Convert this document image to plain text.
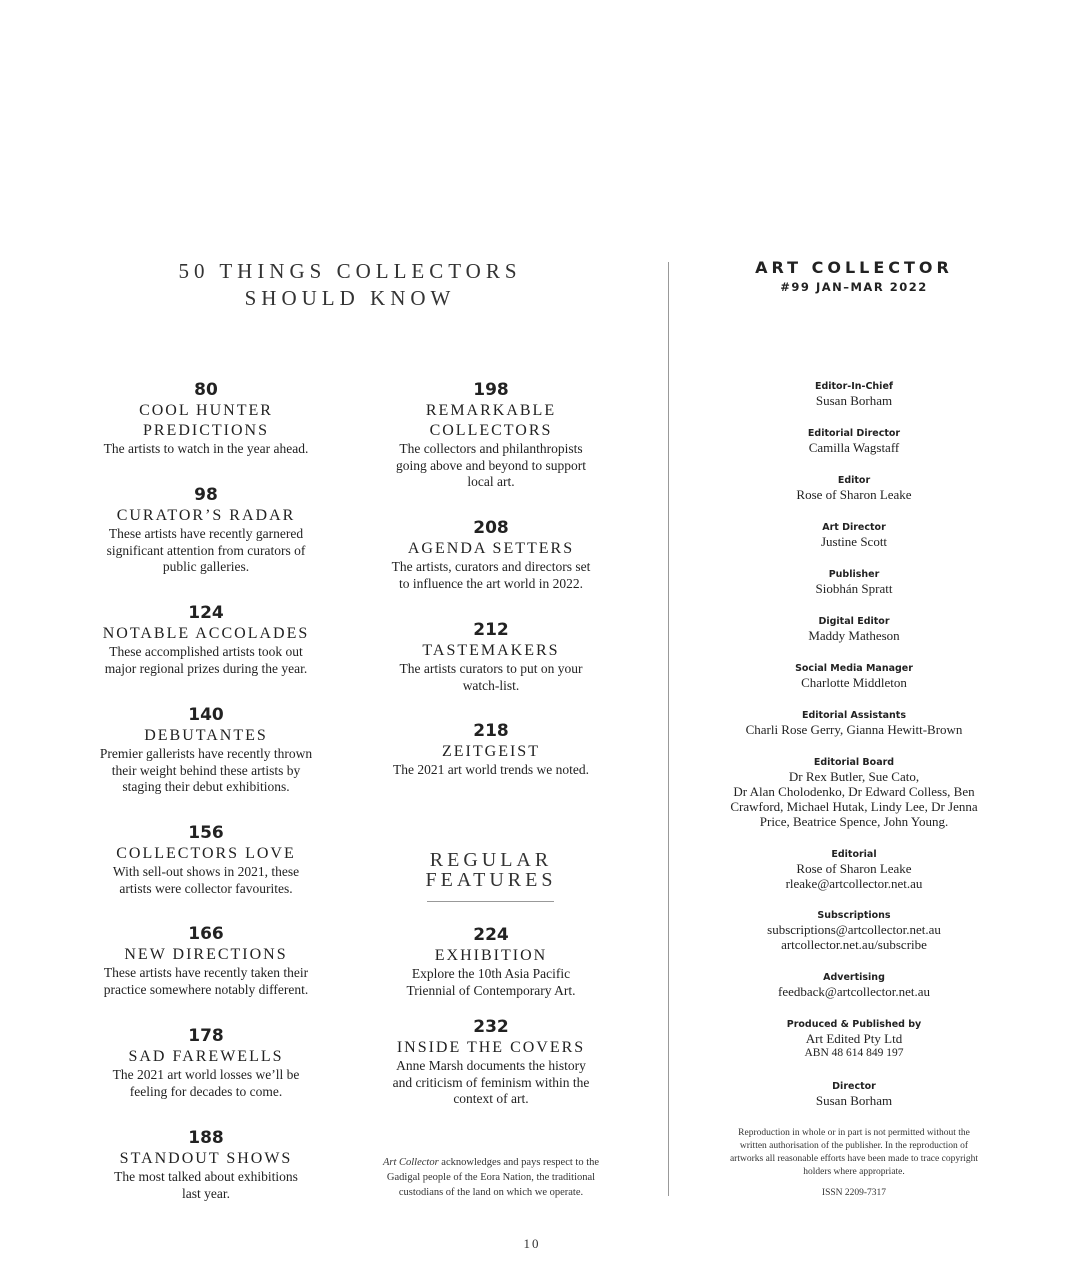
50 THINGS COLLECTORS
SHOULD KNOW
80
COOL HUNTER
PREDICTIONS
The artists to watch in the year ahead.
98
CURATOR’S RADAR
These artists have recently garnered
significant attention from curators of
public galleries.
124
NOTABLE ACCOLADES
These accomplished artists took out
major regional prizes during the year.
140
DEBUTANTES
Premier gallerists have recently thrown
their weight behind these artists by
staging their debut exhibitions.
156
COLLECTORS LOVE
With sell-out shows in 2021, these
artists were collector favourites.
166
NEW DIRECTIONS
These artists have recently taken their
practice somewhere notably different.
178
SAD FAREWELLS
The 2021 art world losses we’ll be
feeling for decades to come.
188
STANDOUT SHOWS
The most talked about exhibitions
last year.
198
REMARKABLE
COLLECTORS
The collectors and philanthropists
going above and beyond to support
local art.
208
AGENDA SETTERS
The artists, curators and directors set
to influence the art world in 2022.
212
TASTEMAKERS
The artists curators to put on your
watch-list.
218
ZEITGEIST
The 2021 art world trends we noted.
REGULAR
FEATURES
224
EXHIBITION
Explore the 10th Asia Pacific
Triennial of Contemporary Art.
232
INSIDE THE COVERS
Anne Marsh documents the history
and criticism of feminism within the
context of art.
Art Collector acknowledges and pays respect to the
Gadigal people of the Eora Nation, the traditional
custodians of the land on which we operate.
ART COLLECTOR
#99 JAN–MAR 2022
Editor-In-Chief
Susan Borham
Editorial Director
Camilla Wagstaff
Editor
Rose of Sharon Leake
Art Director
Justine Scott
Publisher
Siobhán Spratt
Digital Editor
Maddy Matheson
Social Media Manager
Charlotte Middleton
Editorial Assistants
Charli Rose Gerry, Gianna Hewitt-Brown
Editorial Board
Dr Rex Butler, Sue Cato,
Dr Alan Cholodenko, Dr Edward Colless, Ben
Crawford, Michael Hutak, Lindy Lee, Dr Jenna
Price, Beatrice Spence, John Young.
Editorial
Rose of Sharon Leake
rleake@artcollector.net.au
Subscriptions
subscriptions@artcollector.net.au
artcollector.net.au/subscribe
Advertising
feedback@artcollector.net.au
Produced & Published by
Art Edited Pty Ltd
ABN 48 614 849 197
Director
Susan Borham
Reproduction in whole or in part is not permitted without the
written authorisation of the publisher. In the reproduction of
artworks all reasonable efforts have been made to trace copyright
holders where appropriate.
ISSN 2209-7317
10
